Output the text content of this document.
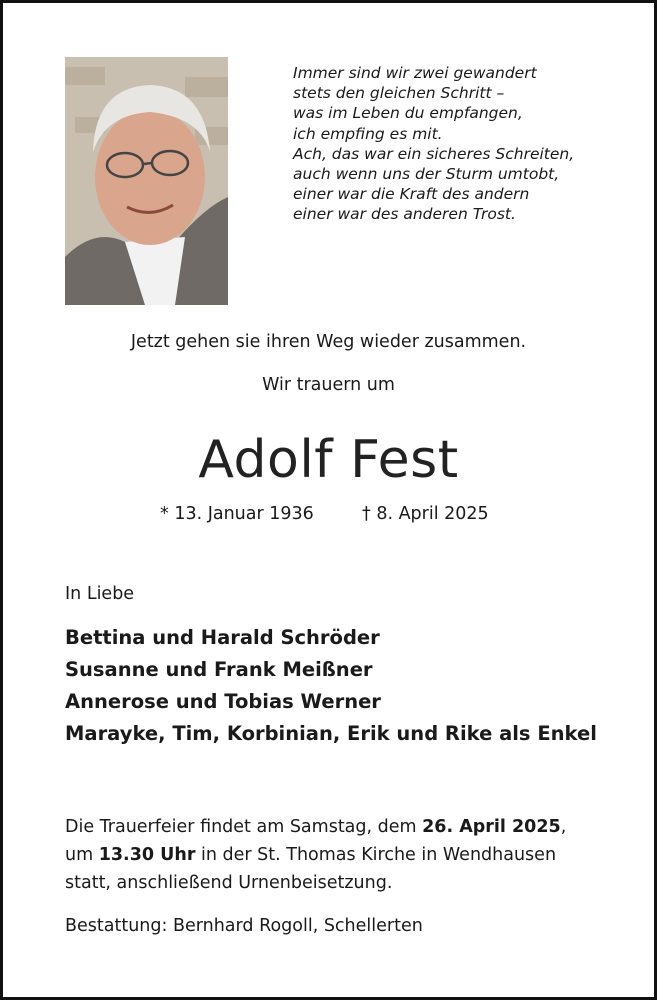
Immer sind wir zwei gewandert
stets den gleichen Schritt –
was im Leben du empfangen,
ich empfing es mit.
Ach, das war ein sicheres Schreiten,
auch wenn uns der Sturm umtobt,
einer war die Kraft des andern
einer war des anderen Trost.
Jetzt gehen sie ihren Weg wieder zusammen.
Wir trauern um
Adolf Fest
* 13. Januar 1936	† 8. April 2025
In Liebe
Bettina und Harald Schröder
Susanne und Frank Meißner
Annerose und Tobias Werner
Marayke, Tim, Korbinian, Erik und Rike als Enkel
Die Trauerfeier findet am Samstag, dem 26. April 2025,
um 13.30 Uhr in der St. Thomas Kirche in Wendhausen
statt, anschließend Urnenbeisetzung.
Bestattung: Bernhard Rogoll, Schellerten
